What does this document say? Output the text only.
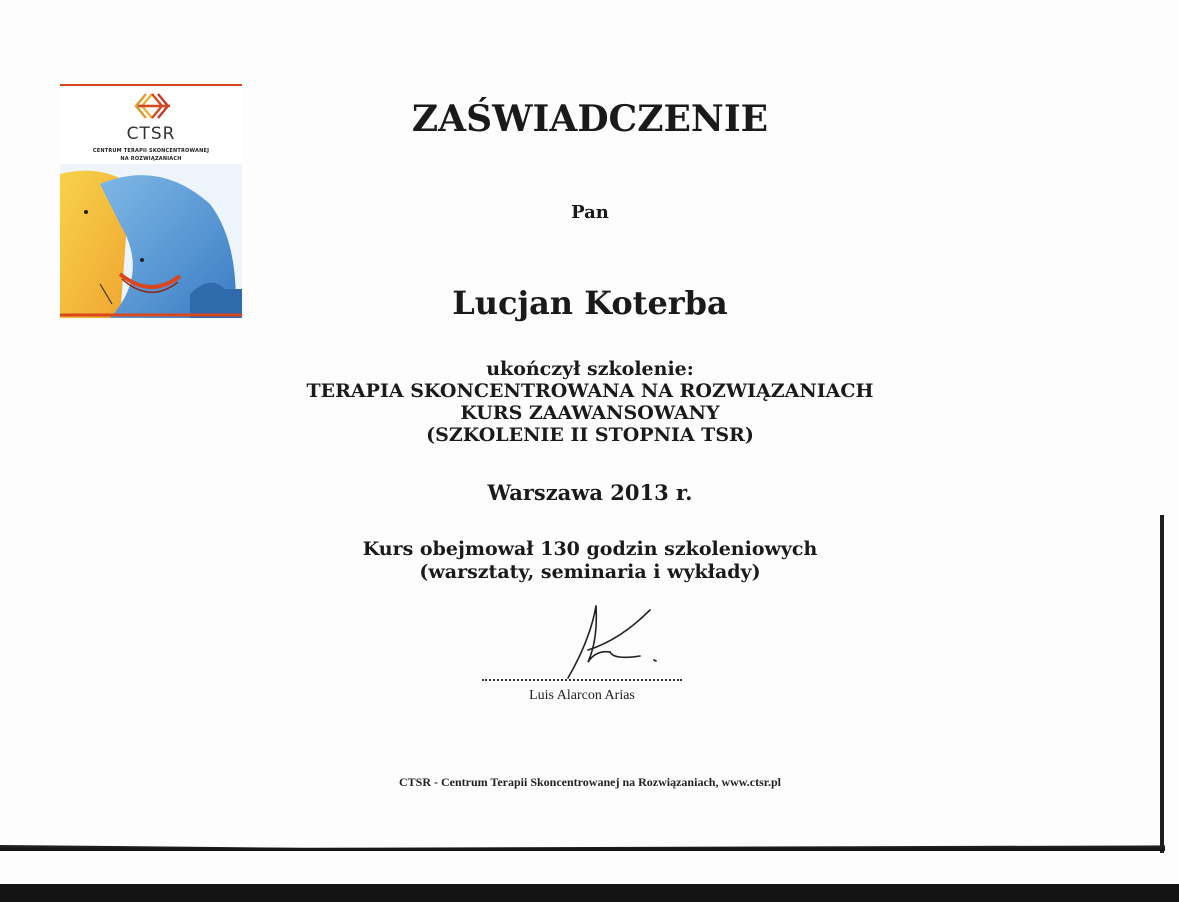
CTSR
CENTRUM TERAPII SKONCENTROWANEJ
NA ROZWIĄZANIACH
ZAŚWIADCZENIE
Pan
Lucjan Koterba
ukończył szkolenie:
TERAPIA SKONCENTROWANA NA ROZWIĄZANIACH
KURS ZAAWANSOWANY
(SZKOLENIE II STOPNIA TSR)
Warszawa 2013 r.
Kurs obejmował 130 godzin szkoleniowych
(warsztaty, seminaria i wykłady)
Luis Alarcon Arias
CTSR - Centrum Terapii Skoncentrowanej na Rozwiązaniach, www.ctsr.pl
